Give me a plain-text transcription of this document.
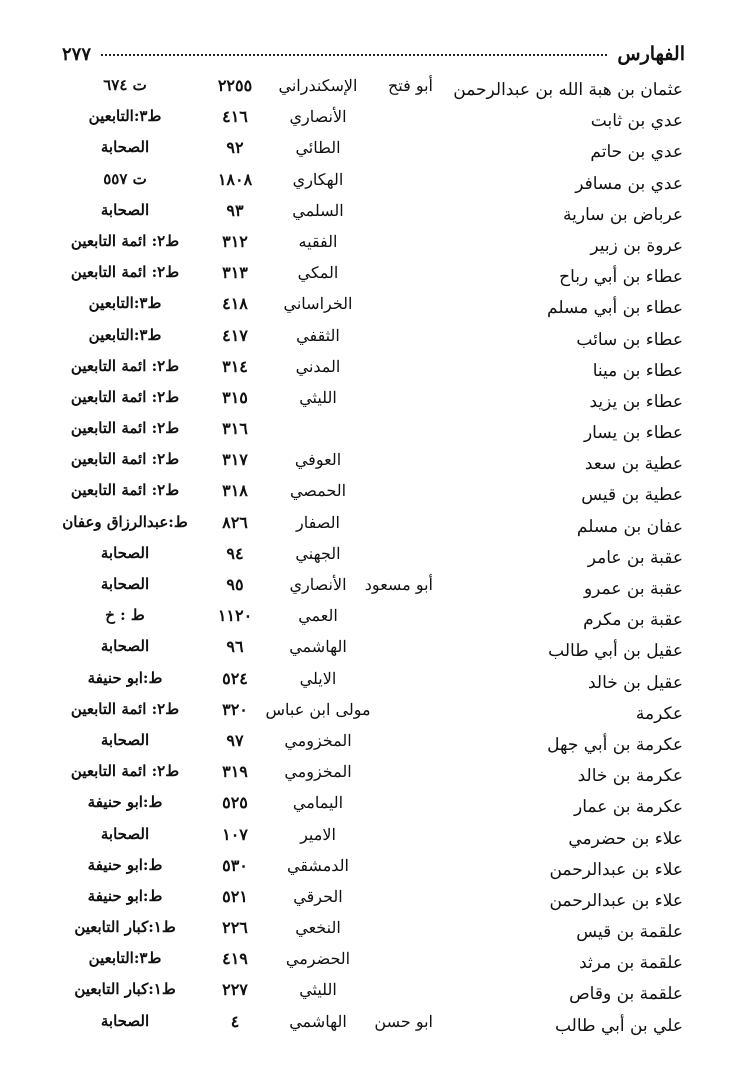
الفهارس
٢٧٧
عثمان بن هبة الله بن عبدالرحمن
أبو فتح
الإسكندراني
٢٢٥٥
ت ٦٧٤
عدي بن ثابت
الأنصاري
٤١٦
ط٣:التابعين
عدي بن حاتم
الطائي
٩٢
الصحابة
عدي بن مسافر
الهكاري
١٨٠٨
ت ٥٥٧
عرباض بن سارية
السلمي
٩٣
الصحابة
عروة بن زبير
الفقيه
٣١٢
ط٢: ائمة التابعين
عطاء بن أبي رباح
المكي
٣١٣
ط٢: ائمة التابعين
عطاء بن أبي مسلم
الخراساني
٤١٨
ط٣:التابعين
عطاء بن سائب
الثقفي
٤١٧
ط٣:التابعين
عطاء بن مينا
المدني
٣١٤
ط٢: ائمة التابعين
عطاء بن يزيد
الليثي
٣١٥
ط٢: ائمة التابعين
عطاء بن يسار
٣١٦
ط٢: ائمة التابعين
عطية بن سعد
العوفي
٣١٧
ط٢: ائمة التابعين
عطية بن قيس
الحمصي
٣١٨
ط٢: ائمة التابعين
عفان بن مسلم
الصفار
٨٢٦
ط:عبدالرزاق وعفان
عقبة بن عامر
الجهني
٩٤
الصحابة
عقبة بن عمرو
أبو مسعود
الأنصاري
٩٥
الصحابة
عقبة بن مكرم
العمي
١١٢٠
ط : خ
عقيل بن أبي طالب
الهاشمي
٩٦
الصحابة
عقيل بن خالد
الايلي
٥٢٤
ط:ابو حنيفة
عكرمة
مولى ابن عباس
٣٢٠
ط٢: ائمة التابعين
عكرمة بن أبي جهل
المخزومي
٩٧
الصحابة
عكرمة بن خالد
المخزومي
٣١٩
ط٢: ائمة التابعين
عكرمة بن عمار
اليمامي
٥٢٥
ط:ابو حنيفة
علاء بن حضرمي
الامير
١٠٧
الصحابة
علاء بن عبدالرحمن
الدمشقي
٥٣٠
ط:ابو حنيفة
علاء بن عبدالرحمن
الحرقي
٥٢١
ط:ابو حنيفة
علقمة بن قيس
النخعي
٢٢٦
ط١:كبار التابعين
علقمة بن مرثد
الحضرمي
٤١٩
ط٣:التابعين
علقمة بن وقاص
الليثي
٢٢٧
ط١:كبار التابعين
علي بن أبي طالب
ابو حسن
الهاشمي
٤
الصحابة
